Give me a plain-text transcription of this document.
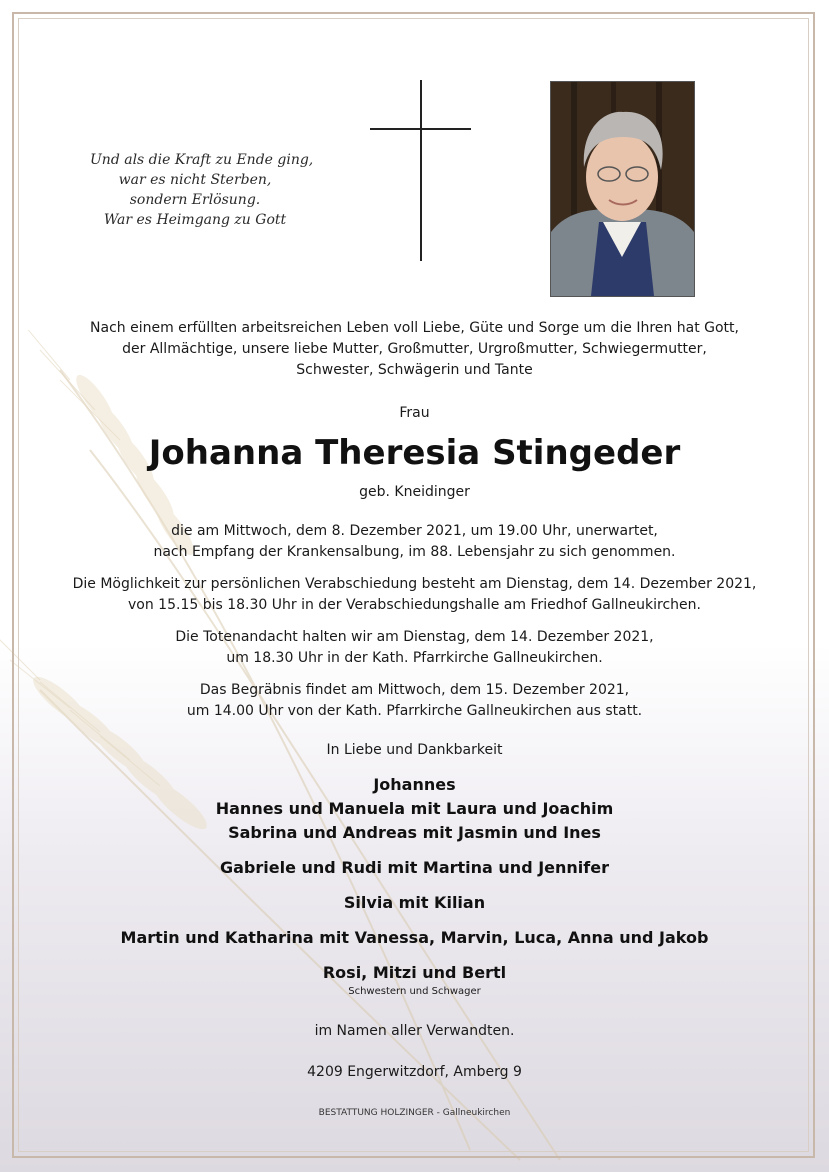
Und als die Kraft zu Ende ging,
war es nicht Sterben,
sondern Erlösung.
War es Heimgang zu Gott

Nach einem erfüllten arbeitsreichen Leben voll Liebe, Güte und Sorge um die Ihren hat Gott,

der Allmächtige, unsere liebe Mutter, Großmutter, Urgroßmutter, Schwiegermutter,

Schwester, Schwägerin und Tante

Frau

Johanna Theresia Stingeder

geb. Kneidinger

die am Mittwoch, dem 8. Dezember 2021, um 19.00 Uhr, unerwartet,

nach Empfang der Krankensalbung, im 88. Lebensjahr zu sich genommen.

Die Möglichkeit zur persönlichen Verabschiedung besteht am Dienstag, dem 14. Dezember 2021,

von 15.15 bis 18.30 Uhr in der Verabschiedungshalle am Friedhof Gallneukirchen.

Die Totenandacht halten wir am Dienstag, dem 14. Dezember 2021,

um 18.30 Uhr in der Kath. Pfarrkirche Gallneukirchen.

Das Begräbnis findet am Mittwoch, dem 15. Dezember 2021,

um 14.00 Uhr von der Kath. Pfarrkirche Gallneukirchen aus statt.

In Liebe und Dankbarkeit

Johannes

Hannes und Manuela mit Laura und Joachim

Sabrina und Andreas mit Jasmin und Ines

Gabriele und Rudi mit Martina und Jennifer

Silvia mit Kilian

Martin und Katharina mit Vanessa, Marvin, Luca, Anna und Jakob

Rosi, Mitzi und Bertl

Schwestern und Schwager

im Namen aller Verwandten.

4209 Engerwitzdorf, Amberg 9

BESTATTUNG HOLZINGER - Gallneukirchen
